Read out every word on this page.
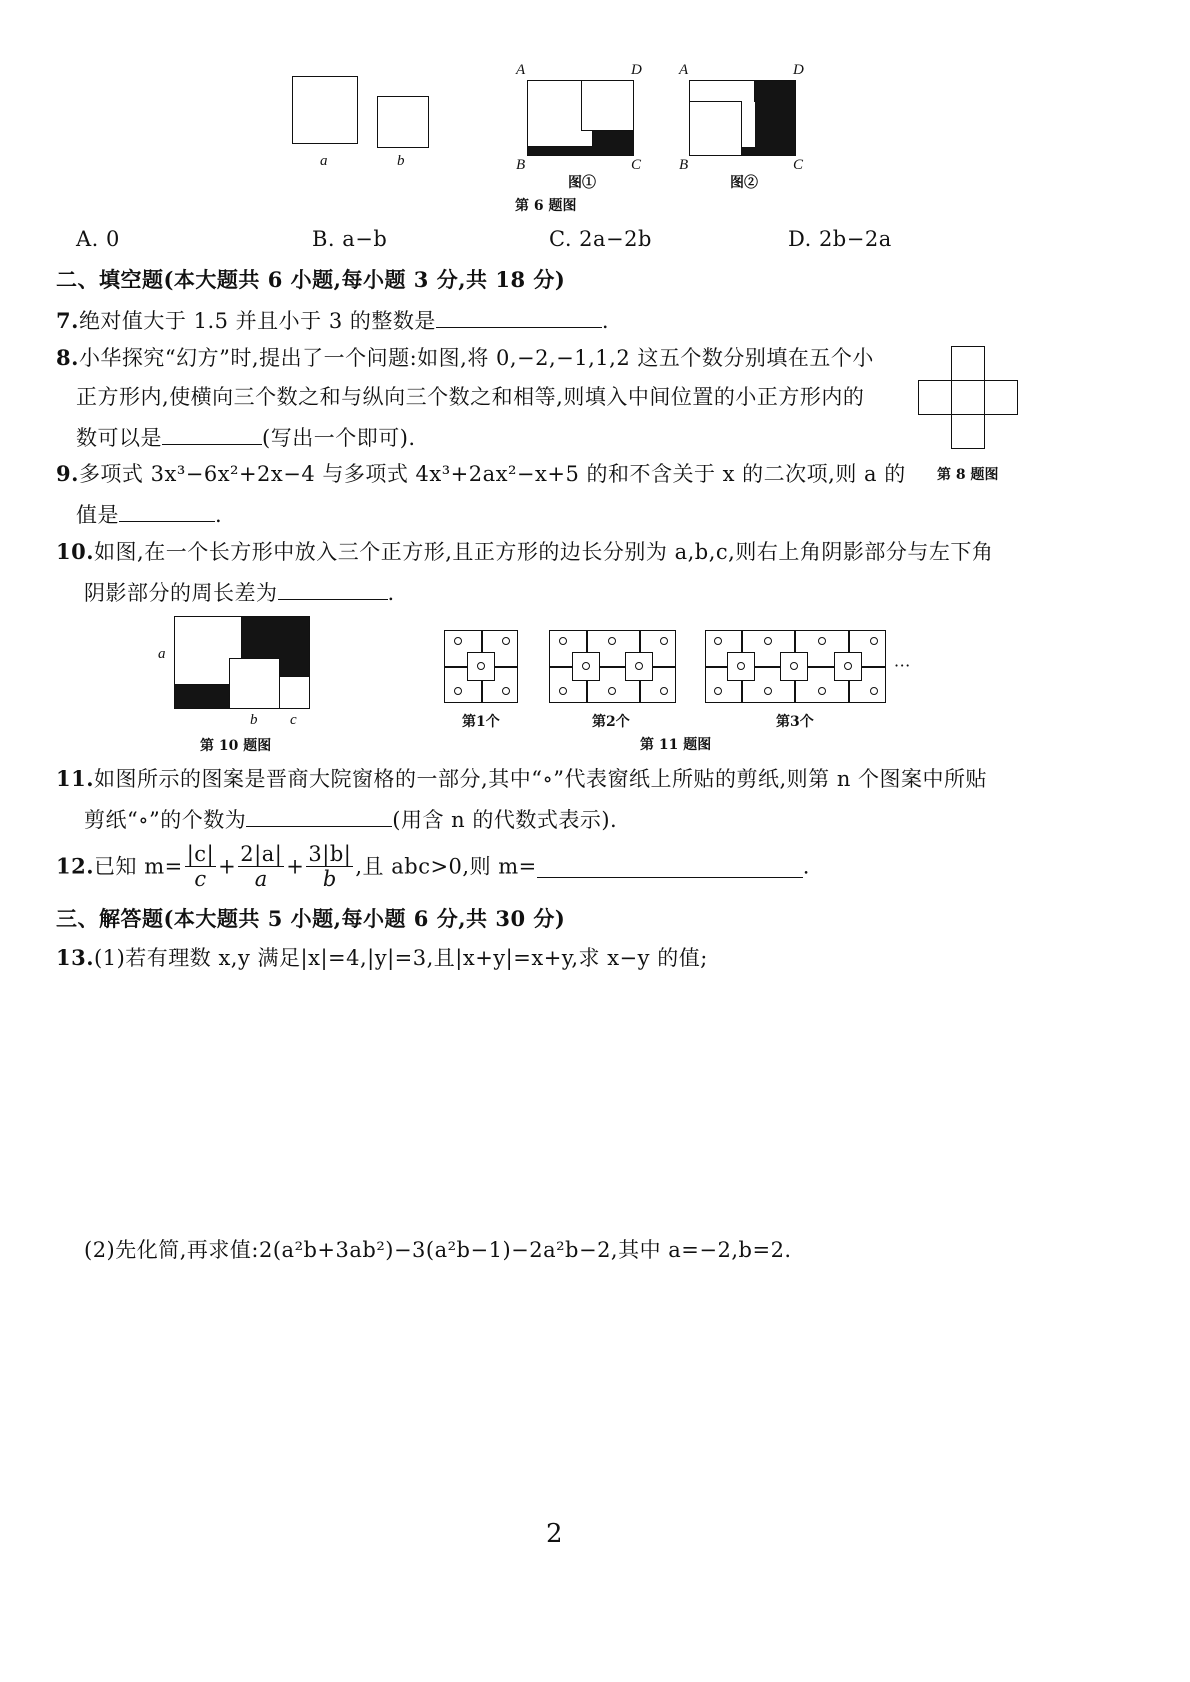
a	b
A	D
B	C
图①
A	D
B	C
图②
第 6 题图
A. 0	B. a−b	C. 2a−2b	D. 2b−2a
二、填空题(本大题共 6 小题,每小题 3 分,共 18 分)
7.绝对值大于 1.5 并且小于 3 的整数是	.
8.小华探究“幻方”时,提出了一个问题:如图,将 0,−2,−1,1,2 这五个数分别填在五个小
正方形内,使横向三个数之和与纵向三个数之和相等,则填入中间位置的小正方形内的
数可以是	(写出一个即可).
第 8 题图
9.多项式 3x³−6x²+2x−4 与多项式 4x³+2ax²−x+5 的和不含关于 x 的二次项,则 a 的
值是	.
10.如图,在一个长方形中放入三个正方形,且正方形的边长分别为 a,b,c,则右上角阴影部分与左下角
阴影部分的周长差为	.
a
b c
第 10 题图
第1个	第2个	第3个
···
第 11 题图
11.如图所示的图案是晋商大院窗格的一部分,其中“∘”代表窗纸上所贴的剪纸,则第 n 个图案中所贴
剪纸“∘”的个数为	(用含 n 的代数式表示).
12.已知 $m= \frac{|c|}{c} + \frac{2|a|}{a} + \frac{3|b|}{b}$ ,且 abc>0,则 m=	.
三、解答题(本大题共 5 小题,每小题 6 分,共 30 分)
13.(1)若有理数 x,y 满足|x|=4,|y|=3,且|x+y|=x+y,求 x−y 的值;
(2)先化简,再求值:2(a²b+3ab²)−3(a²b−1)−2a²b−2,其中 a=−2,b=2.
2
